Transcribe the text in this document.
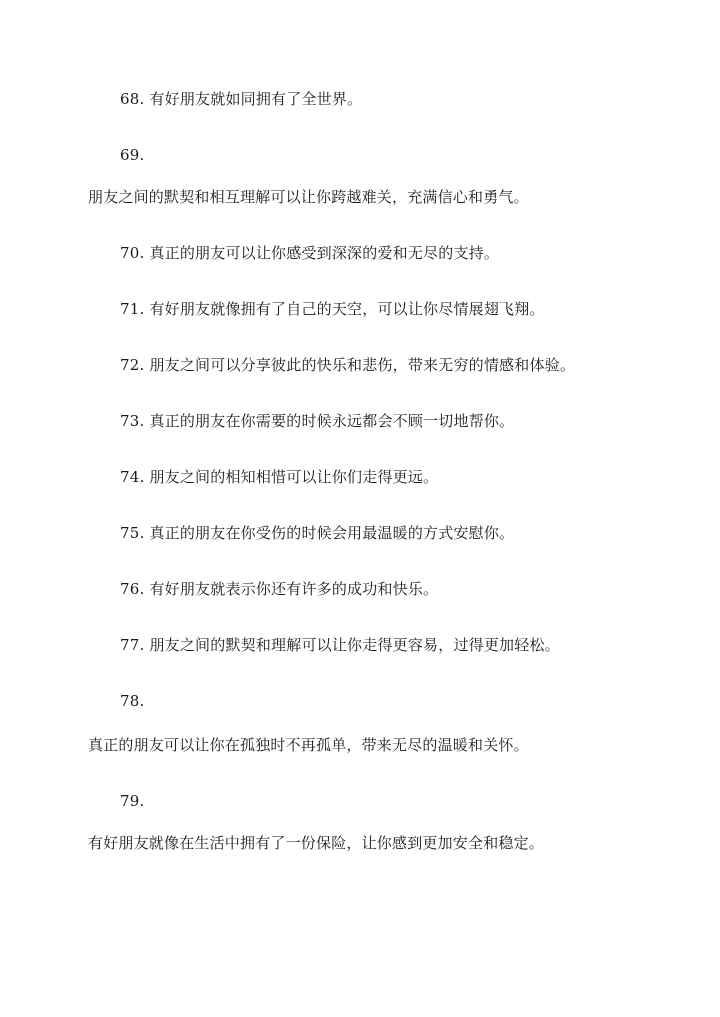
68. 有好朋友就如同拥有了全世界。
69.
朋友之间的默契和相互理解可以让你跨越难关，充满信心和勇气。
70. 真正的朋友可以让你感受到深深的爱和无尽的支持。
71. 有好朋友就像拥有了自己的天空，可以让你尽情展翅飞翔。
72. 朋友之间可以分享彼此的快乐和悲伤，带来无穷的情感和体验。
73. 真正的朋友在你需要的时候永远都会不顾一切地帮你。
74. 朋友之间的相知相惜可以让你们走得更远。
75. 真正的朋友在你受伤的时候会用最温暖的方式安慰你。
76. 有好朋友就表示你还有许多的成功和快乐。
77. 朋友之间的默契和理解可以让你走得更容易，过得更加轻松。
78.
真正的朋友可以让你在孤独时不再孤单，带来无尽的温暖和关怀。
79.
有好朋友就像在生活中拥有了一份保险，让你感到更加安全和稳定。
